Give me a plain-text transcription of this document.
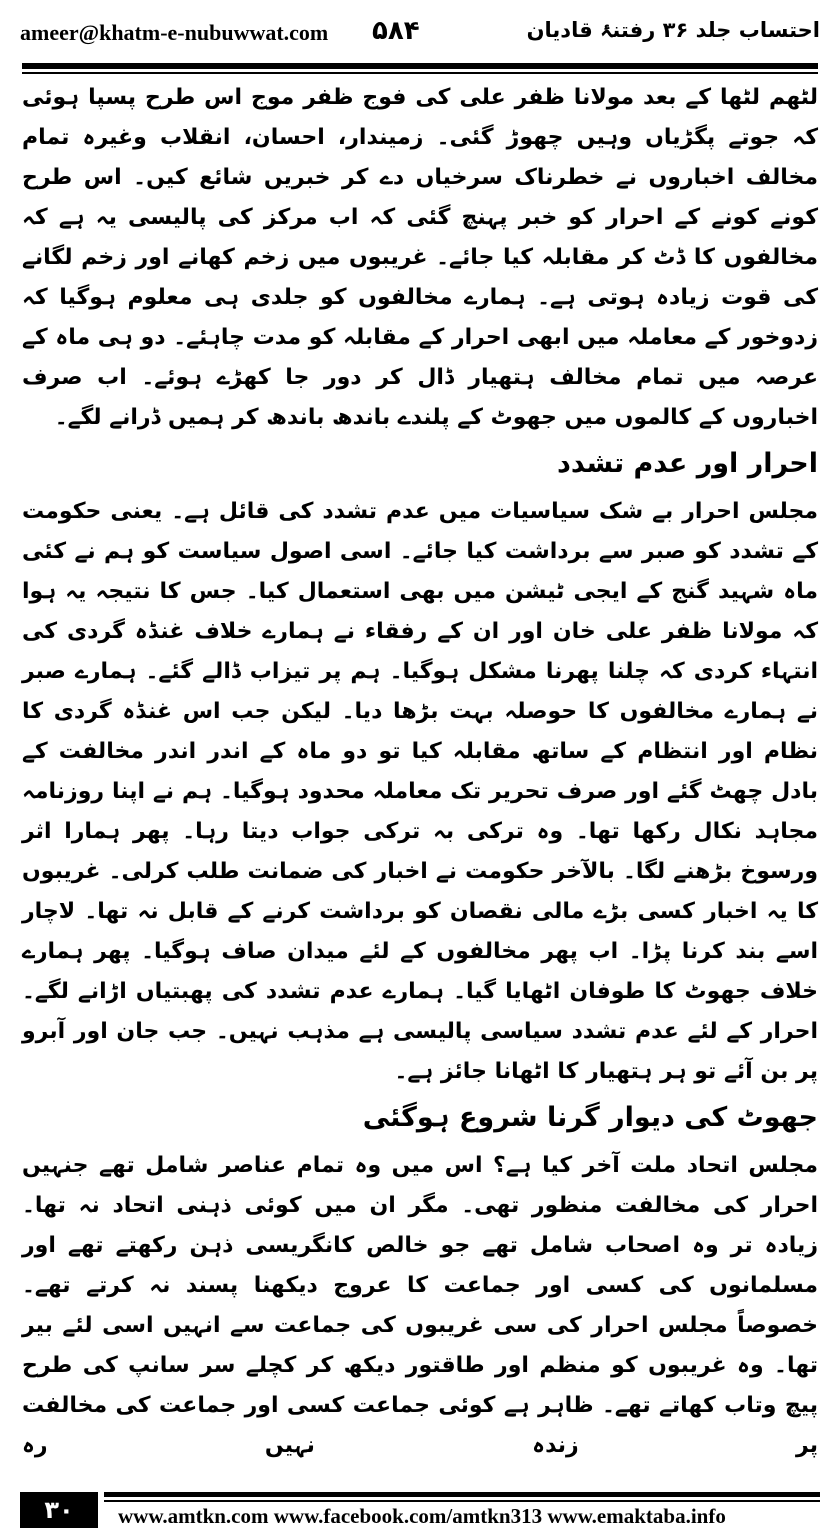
ameer@khatm-e-nubuwwat.com ۵۸۴	احتساب جلد ۳۶ رفتنۂ قادیان

لٹھم لٹھا کے بعد مولانا ظفر علی کی فوج ظفر موج اس طرح پسپا ہوئی کہ جوتے پگڑیاں وہیں چھوڑ گئی۔ زمیندار، احسان، انقلاب وغیرہ تمام مخالف اخباروں نے خطرناک سرخیاں دے کر خبریں شائع کیں۔ اس طرح کونے کونے کے احرار کو خبر پہنچ گئی کہ اب مرکز کی پالیسی یہ ہے کہ مخالفوں کا ڈٹ کر مقابلہ کیا جائے۔ غریبوں میں زخم کھانے اور زخم لگانے کی قوت زیادہ ہوتی ہے۔ ہمارے مخالفوں کو جلدی ہی معلوم ہوگیا کہ زدوخور کے معاملہ میں ابھی احرار کے مقابلہ کو مدت چاہئے۔ دو ہی ماہ کے عرصہ میں تمام مخالف ہتھیار ڈال کر دور جا کھڑے ہوئے۔ اب صرف اخباروں کے کالموں میں جھوٹ کے پلندے باندھ باندھ کر ہمیں ڈرانے لگے۔

احرار اور عدم تشدد

مجلس احرار بے شک سیاسیات میں عدم تشدد کی قائل ہے۔ یعنی حکومت کے تشدد کو صبر سے برداشت کیا جائے۔ اسی اصول سیاست کو ہم نے کئی ماہ شہید گنج کے ایجی ٹیشن میں بھی استعمال کیا۔ جس کا نتیجہ یہ ہوا کہ مولانا ظفر علی خان اور ان کے رفقاء نے ہمارے خلاف غنڈہ گردی کی انتہاء کردی کہ چلنا پھرنا مشکل ہوگیا۔ ہم پر تیزاب ڈالے گئے۔ ہمارے صبر نے ہمارے مخالفوں کا حوصلہ بہت بڑھا دیا۔ لیکن جب اس غنڈہ گردی کا نظام اور انتظام کے ساتھ مقابلہ کیا تو دو ماہ کے اندر اندر مخالفت کے بادل چھٹ گئے اور صرف تحریر تک معاملہ محدود ہوگیا۔ ہم نے اپنا روزنامہ مجاہد نکال رکھا تھا۔ وہ ترکی بہ ترکی جواب دیتا رہا۔ پھر ہمارا اثر ورسوخ بڑھنے لگا۔ بالآخر حکومت نے اخبار کی ضمانت طلب کرلی۔ غریبوں کا یہ اخبار کسی بڑے مالی نقصان کو برداشت کرنے کے قابل نہ تھا۔ لاچار اسے بند کرنا پڑا۔ اب پھر مخالفوں کے لئے میدان صاف ہوگیا۔ پھر ہمارے خلاف جھوٹ کا طوفان اٹھایا گیا۔ ہمارے عدم تشدد کی پھبتیاں اڑانے لگے۔ احرار کے لئے عدم تشدد سیاسی پالیسی ہے مذہب نہیں۔ جب جان اور آبرو پر بن آئے تو ہر ہتھیار کا اٹھانا جائز ہے۔

جھوٹ کی دیوار گرنا شروع ہوگئی

مجلس اتحاد ملت آخر کیا ہے؟ اس میں وہ تمام عناصر شامل تھے جنہیں احرار کی مخالفت منظور تھی۔ مگر ان میں کوئی ذہنی اتحاد نہ تھا۔ زیادہ تر وہ اصحاب شامل تھے جو خالص کانگریسی ذہن رکھتے تھے اور مسلمانوں کی کسی اور جماعت کا عروج دیکھنا پسند نہ کرتے تھے۔ خصوصاً مجلس احرار کی سی غریبوں کی جماعت سے انہیں اسی لئے بیر تھا۔ وہ غریبوں کو منظم اور طاقتور دیکھ کر کچلے سر سانپ کی طرح پیچ وتاب کھاتے تھے۔ ظاہر ہے کوئی جماعت کسی اور جماعت کی مخالفت پر زندہ نہیں رہ

۳۰	www.amtkn.com www.facebook.com/amtkn313 www.emaktaba.info
